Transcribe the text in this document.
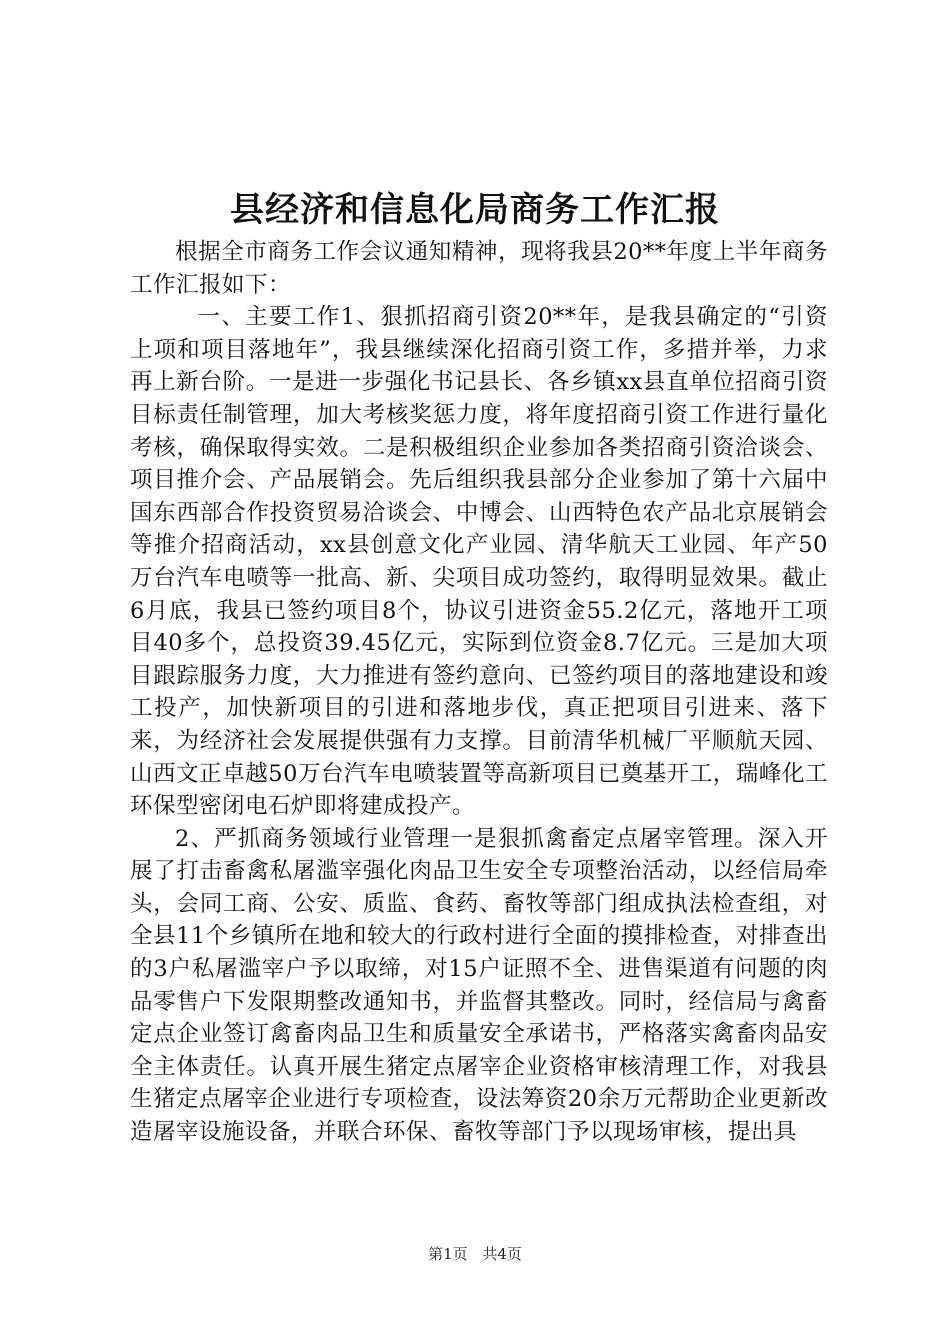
县经济和信息化局商务工作汇报

根据全市商务工作会议通知精神，现将我县20**年度上半年商务工作汇报如下：

一、主要工作1、狠抓招商引资20**年，是我县确定的“引资上项和项目落地年”，我县继续深化招商引资工作，多措并举，力求再上新台阶。一是进一步强化书记县长、各乡镇xx县直单位招商引资目标责任制管理，加大考核奖惩力度，将年度招商引资工作进行量化考核，确保取得实效。二是积极组织企业参加各类招商引资洽谈会、项目推介会、产品展销会。先后组织我县部分企业参加了第十六届中国东西部合作投资贸易洽谈会、中博会、山西特色农产品北京展销会等推介招商活动，xx县创意文化产业园、清华航天工业园、年产50万台汽车电喷等一批高、新、尖项目成功签约，取得明显效果。截止6月底，我县已签约项目8个，协议引进资金55.2亿元，落地开工项目40多个，总投资39.45亿元，实际到位资金8.7亿元。三是加大项目跟踪服务力度，大力推进有签约意向、已签约项目的落地建设和竣工投产，加快新项目的引进和落地步伐，真正把项目引进来、落下来，为经济社会发展提供强有力支撑。目前清华机械厂平顺航天园、山西文正卓越50万台汽车电喷装置等高新项目已奠基开工，瑞峰化工环保型密闭电石炉即将建成投产。

2、严抓商务领域行业管理一是狠抓禽畜定点屠宰管理。深入开展了打击畜禽私屠滥宰强化肉品卫生安全专项整治活动，以经信局牵头，会同工商、公安、质监、食药、畜牧等部门组成执法检查组，对全县11个乡镇所在地和较大的行政村进行全面的摸排检查，对排查出的3户私屠滥宰户予以取缔，对15户证照不全、进售渠道有问题的肉品零售户下发限期整改通知书，并监督其整改。同时，经信局与禽畜定点企业签订禽畜肉品卫生和质量安全承诺书，严格落实禽畜肉品安全主体责任。认真开展生猪定点屠宰企业资格审核清理工作，对我县生猪定点屠宰企业进行专项检查，设法筹资20余万元帮助企业更新改造屠宰设施设备，并联合环保、畜牧等部门予以现场审核，提出具

第1页 共4页
